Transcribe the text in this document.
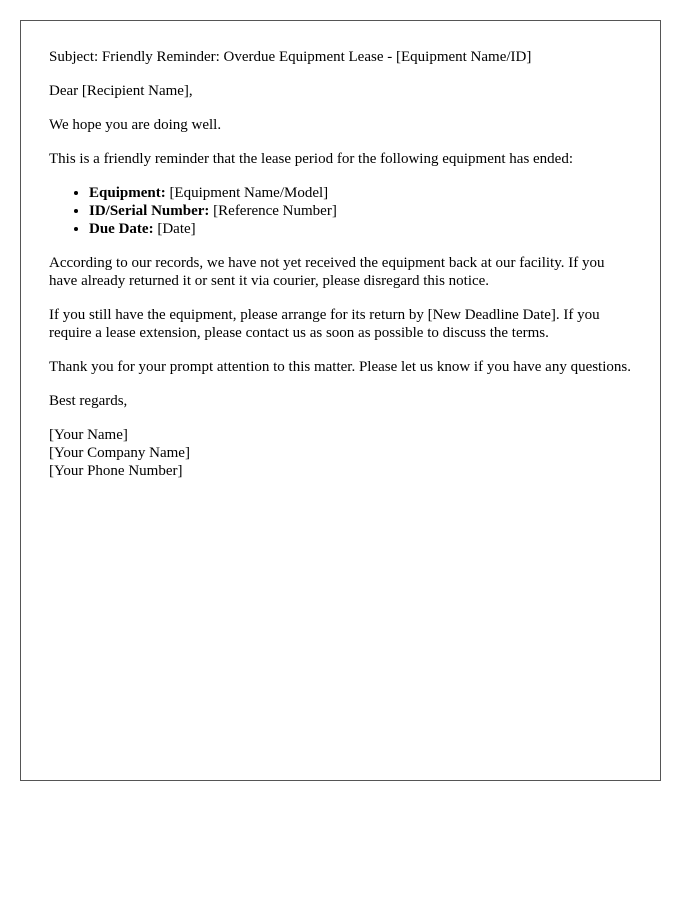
Subject: Friendly Reminder: Overdue Equipment Lease - [Equipment Name/ID]

Dear [Recipient Name],

We hope you are doing well.

This is a friendly reminder that the lease period for the following equipment has ended:

• Equipment: [Equipment Name/Model]
• ID/Serial Number: [Reference Number]
• Due Date: [Date]

According to our records, we have not yet received the equipment back at our facility. If you have already returned it or sent it via courier, please disregard this notice.

If you still have the equipment, please arrange for its return by [New Deadline Date]. If you require a lease extension, please contact us as soon as possible to discuss the terms.

Thank you for your prompt attention to this matter. Please let us know if you have any questions.

Best regards,

[Your Name]
[Your Company Name]
[Your Phone Number]
